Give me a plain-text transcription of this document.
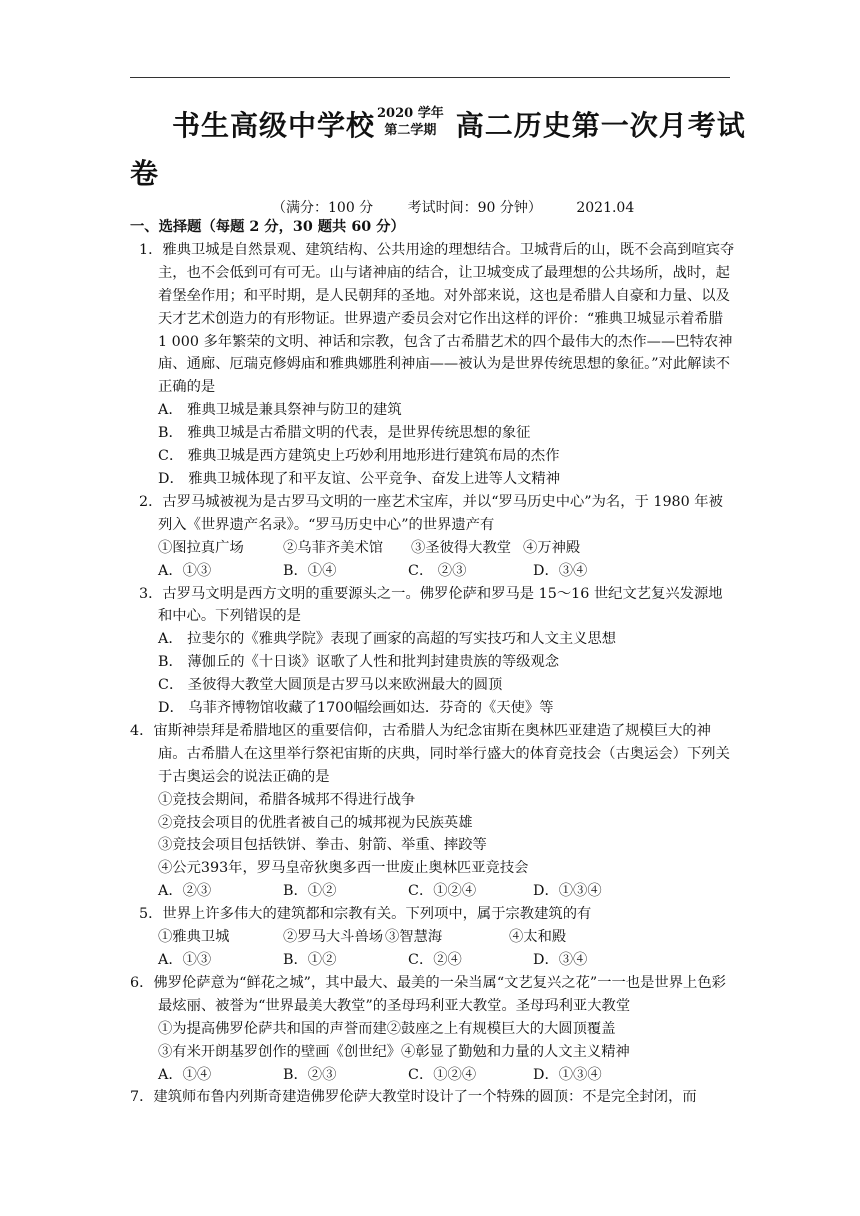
书生高级中学校 2020 学年
第二学期 高二历史第一次月考试
卷
（满分：100 分 考试时间：90 分钟） 2021.04
一、选择题（每题 2 分，30 题共 60 分）
1．雅典卫城是自然景观、建筑结构、公共用途的理想结合。卫城背后的山，既不会高到喧宾夺主，也不会低到可有可无。山与诸神庙的结合，让卫城变成了最理想的公共场所，战时，起着堡垒作用；和平时期，是人民朝拜的圣地。对外部来说，这也是希腊人自豪和力量、以及天才艺术创造力的有形物证。世界遗产委员会对它作出这样的评价：“雅典卫城显示着希腊 1 000 多年繁荣的文明、神话和宗教，包含了古希腊艺术的四个最伟大的杰作——巴特农神庙、通廊、厄瑞克修姆庙和雅典娜胜利神庙——被认为是世界传统思想的象征。”对此解读不正确的是
A． 雅典卫城是兼具祭神与防卫的建筑
B． 雅典卫城是古希腊文明的代表，是世界传统思想的象征
C． 雅典卫城是西方建筑史上巧妙利用地形进行建筑布局的杰作
D． 雅典卫城体现了和平友谊、公平竞争、奋发上进等人文精神
2．古罗马城被视为是古罗马文明的一座艺术宝库，并以“罗马历史中心”为名，于 1980 年被列入《世界遗产名录》。“罗马历史中心”的世界遗产有
①图拉真广场	②乌菲齐美术馆 ③圣彼得大教堂 ④万神殿
A．①③	B．①④	C． ②③	D．③④
3．古罗马文明是西方文明的重要源头之一。佛罗伦萨和罗马是 15～16 世纪文艺复兴发源地和中心。下列错误的是
A． 拉斐尔的《雅典学院》表现了画家的高超的写实技巧和人文主义思想
B． 薄伽丘的《十日谈》讴歌了人性和批判封建贵族的等级观念
C． 圣彼得大教堂大圆顶是古罗马以来欧洲最大的圆顶
D． 乌菲齐博物馆收藏了1700幅绘画如达．芬奇的《天使》等
4．宙斯神崇拜是希腊地区的重要信仰，古希腊人为纪念宙斯在奥林匹亚建造了规模巨大的神庙。古希腊人在这里举行祭祀宙斯的庆典，同时举行盛大的体育竞技会（古奥运会）下列关于古奥运会的说法正确的是
①竞技会期间，希腊各城邦不得进行战争
②竞技会项目的优胜者被自己的城邦视为民族英雄
③竞技会项目包括铁饼、拳击、射箭、举重、摔跤等
④公元393年，罗马皇帝狄奥多西一世废止奥林匹亚竞技会
A．②③	B．①②	C．①②④	D．①③④
5．世界上许多伟大的建筑都和宗教有关。下列项中，属于宗教建筑的有
①雅典卫城	②罗马大斗兽场 ③智慧海	④太和殿
A．①③	B．①②	C．②④	D．③④
6．佛罗伦萨意为“鲜花之城”，其中最大、最美的一朵当属“文艺复兴之花”一一也是世界上色彩最炫丽、被誉为“世界最美大教堂”的圣母玛利亚大教堂。圣母玛利亚大教堂
①为提高佛罗伦萨共和国的声誉而建②鼓座之上有规模巨大的大圆顶覆盖
③有米开朗基罗创作的壁画《创世纪》④彰显了勤勉和力量的人文主义精神
A．①④	B．②③	C．①②④	D．①③④
7．建筑师布鲁内列斯奇建造佛罗伦萨大教堂时设计了一个特殊的圆顶：不是完全封闭，而
